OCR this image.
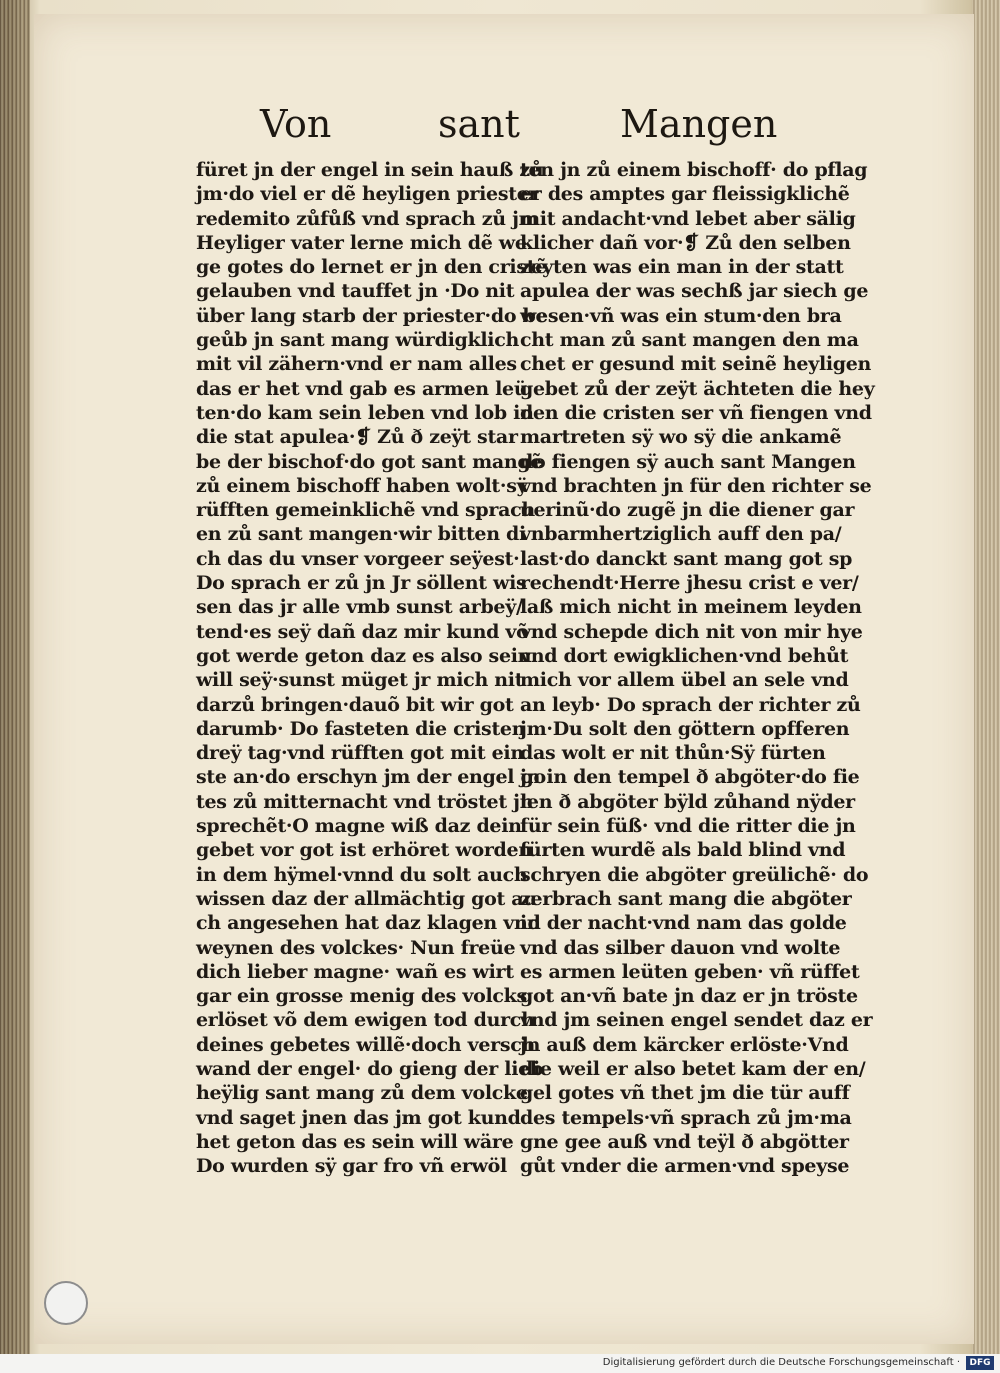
Von	sant	Mangen
füret jn der engel in sein hauß zů
jm·do viel er dẽ heyligen priester
redemito zůfůß vnd sprach zů jm
Heyliger vater lerne mich dẽ we
ge gotes do lernet er jn den cristẽ
gelauben vnd tauffet jn ·Do nit
über lang starb der priester·do be
geůb jn sant mang würdigklich
mit vil zähern·vnd er nam alles
das er het vnd gab es armen leü
ten·do kam sein leben vnd lob in
die stat apulea·❡ Zů ð zeÿt star
be der bischof·do got sant mangẽ
zů einem bischoff haben wolt·sÿ
rüfften gemeinklichẽ vnd sprach
en zů sant mangen·wir bitten di
ch das du vnser vorgeer seÿest·
Do sprach er zů jn Jr söllent wis
sen das jr alle vmb sunst arbeÿ/
tend·es seÿ dañ daz mir kund võ
got werde geton daz es also sein
will seÿ·sunst müget jr mich nit
darzů bringen·dauõ bit wir got
darumb· Do fasteten die cristen
dreÿ tag·vnd rüfften got mit ein
ste an·do erschyn jm der engel go
tes zů mitternacht vnd tröstet jn
sprechẽt·O magne wiß daz dein
gebet vor got ist erhöret worden
in dem hÿmel·vnnd du solt auch
wissen daz der allmächtig got au
ch angesehen hat daz klagen vnd
weynen des volckes· Nun freüe
dich lieber magne· wañ es wirt
gar ein grosse menig des volcks
erlöset võ dem ewigen tod durch
deines gebetes willẽ·doch versch
wand der engel· do gieng der lieb
heÿlig sant mang zů dem volcke
vnd saget jnen das jm got kund
het geton das es sein will wäre
Do wurden sÿ gar fro vñ erwöl
ten jn zů einem bischoff· do pflag
er des amptes gar fleissigklichẽ
mit andacht·vnd lebet aber sälig
klicher dañ vor·❡ Zů den selben
zeyten was ein man in der statt
apulea der was sechß jar siech ge
wesen·vñ was ein stum·den bra
cht man zů sant mangen den ma
chet er gesund mit seinẽ heyligen
gebet zů der zeÿt ächteten die hey
den die cristen ser vñ fiengen vnd
martreten sÿ wo sÿ die ankamẽ
do fiengen sÿ auch sant Mangen
vnd brachten jn für den richter se
uerinũ·do zugẽ jn die diener gar
vnbarmhertziglich auff den pa/
last·do danckt sant mang got sp
rechendt·Herre jhesu crist e ver/
laß mich nicht in meinem leyden
vnd schepde dich nit von mir hye
vnd dort ewigklichen·vnd behůt
mich vor allem übel an sele vnd
an leyb· Do sprach der richter zů
jm·Du solt den göttern opfferen
das wolt er nit thůn·Sÿ fürten
jn in den tempel ð abgöter·do fie
len ð abgöter bÿld zůhand nÿder
für sein füß· vnd die ritter die jn
fürten wurdẽ als bald blind vnd
schryen die abgöter greülichẽ· do
zerbrach sant mang die abgöter
in der nacht·vnd nam das golde
vnd das silber dauon vnd wolte
es armen leüten geben· vñ rüffet
got an·vñ bate jn daz er jn tröste
vnd jm seinen engel sendet daz er
jn auß dem kärcker erlöste·Vnd
die weil er also betet kam der en/
gel gotes vñ thet jm die tür auff
des tempels·vñ sprach zů jm·ma
gne gee auß vnd teÿl ð abgötter
gůt vnder die armen·vnd speyse
Digitalisierung gefördert durch die Deutsche Forschungsgemeinschaft ·	DFG
